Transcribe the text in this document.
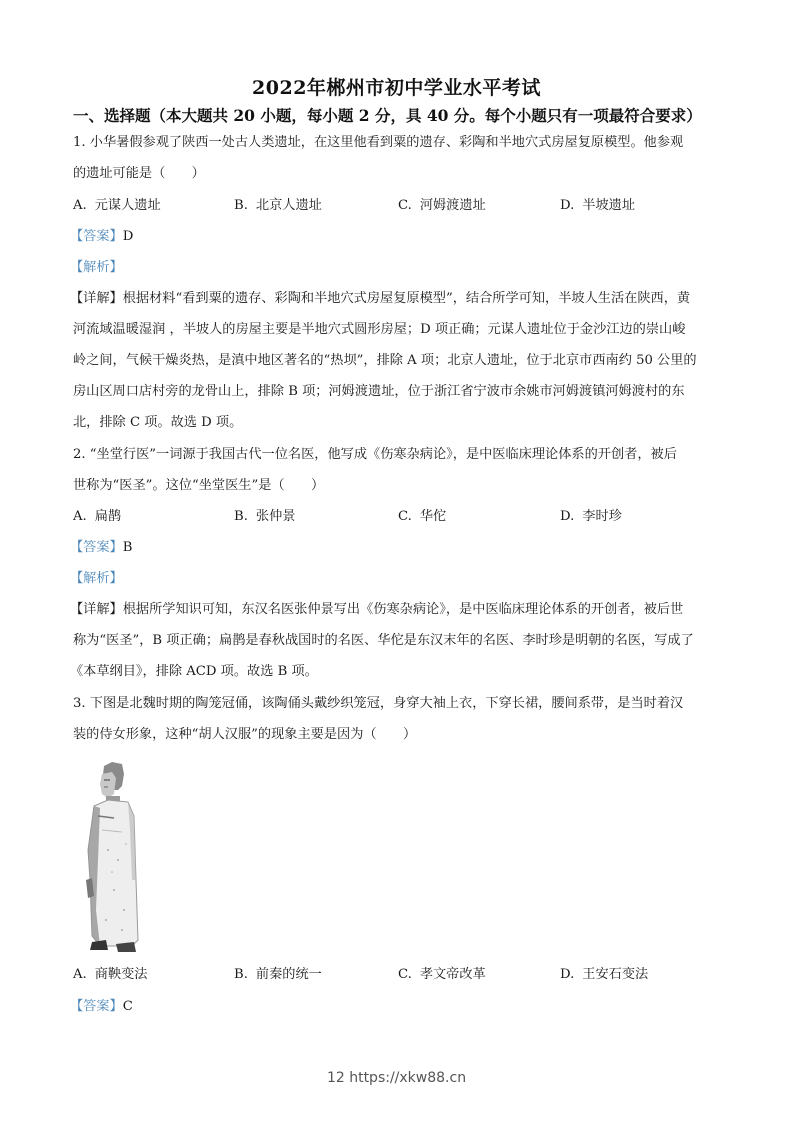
2022年郴州市初中学业水平考试
一、选择题（本大题共 20 小题，每小题 2 分，具 40 分。每个小题只有一项最符合要求）
1. 小华暑假参观了陕西一处古人类遗址，在这里他看到粟的遗存、彩陶和半地穴式房屋复原模型。他参观
的遗址可能是（　　）
A. 元谋人遗址	B. 北京人遗址	C. 河姆渡遗址	D. 半坡遗址
【答案】D
【解析】
【详解】根据材料“看到粟的遗存、彩陶和半地穴式房屋复原模型”，结合所学可知，半坡人生活在陕西，黄
河流域温暖湿润 ，半坡人的房屋主要是半地穴式圆形房屋；D 项正确；元谋人遗址位于金沙江边的崇山峻
岭之间，气候干燥炎热，是滇中地区著名的“热坝”，排除 A 项；北京人遗址，位于北京市西南约 50 公里的
房山区周口店村旁的龙骨山上，排除 B 项；河姆渡遗址，位于浙江省宁波市余姚市河姆渡镇河姆渡村的东
北，排除 C 项。故选 D 项。
2. “坐堂行医”一词源于我国古代一位名医，他写成《伤寒杂病论》，是中医临床理论体系的开创者，被后
世称为“医圣”。这位“坐堂医生”是（　　）
A. 扁鹊	B. 张仲景	C. 华佗	D. 李时珍
【答案】B
【解析】
【详解】根据所学知识可知，东汉名医张仲景写出《伤寒杂病论》，是中医临床理论体系的开创者，被后世
称为“医圣”，B 项正确；扁鹊是春秋战国时的名医、华佗是东汉末年的名医、李时珍是明朝的名医，写成了
《本草纲目》，排除 ACD 项。故选 B 项。
3. 下图是北魏时期的陶笼冠俑，该陶俑头戴纱织笼冠，身穿大袖上衣，下穿长裙，腰间系带，是当时着汉
装的侍女形象，这种“胡人汉服”的现象主要是因为（　　）
A. 商鞅变法	B. 前秦的统一	C. 孝文帝改革	D. 王安石变法
【答案】C
12 https://xkw88.cn
